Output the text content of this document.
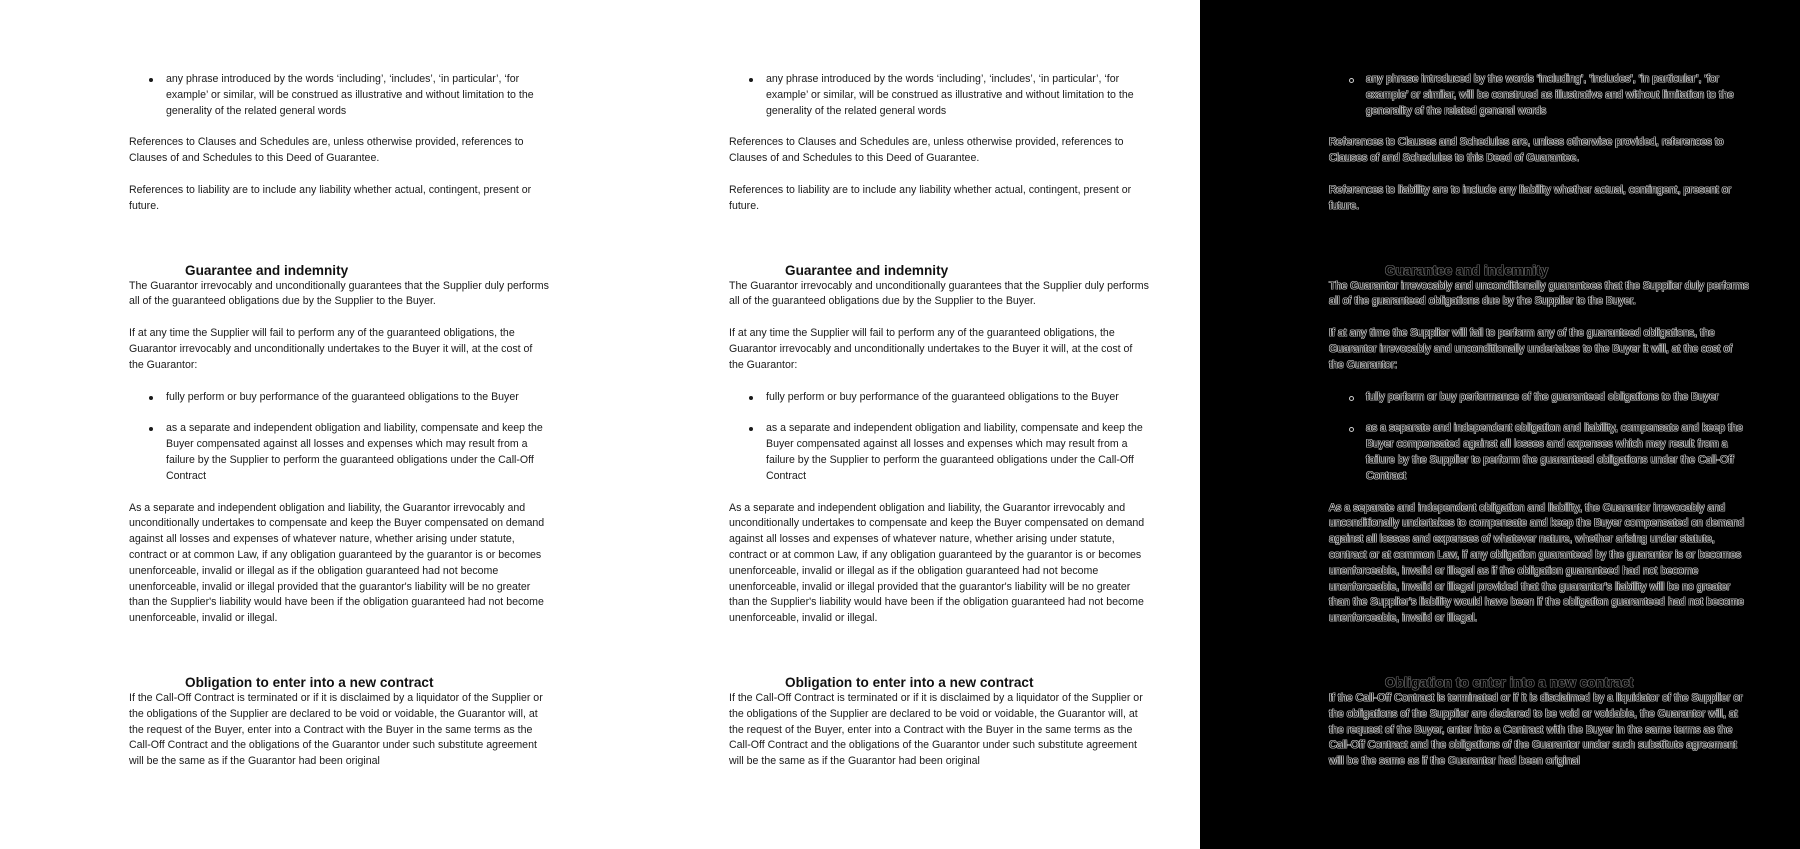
any phrase introduced by the words ‘including’, ‘includes’, ‘in particular’, ‘for example’ or similar, will be construed as illustrative and without limitation to the generality of the related general words

References to Clauses and Schedules are, unless otherwise provided, references to Clauses of and Schedules to this Deed of Guarantee.

References to liability are to include any liability whether actual, contingent, present or future.

Guarantee and indemnity

The Guarantor irrevocably and unconditionally guarantees that the Supplier duly performs all of the guaranteed obligations due by the Supplier to the Buyer.

If at any time the Supplier will fail to perform any of the guaranteed obligations, the Guarantor irrevocably and unconditionally undertakes to the Buyer it will, at the cost of the Guarantor:

fully perform or buy performance of the guaranteed obligations to the Buyer
as a separate and independent obligation and liability, compensate and keep the Buyer compensated against all losses and expenses which may result from a failure by the Supplier to perform the guaranteed obligations under the Call-Off Contract

As a separate and independent obligation and liability, the Guarantor irrevocably and unconditionally undertakes to compensate and keep the Buyer compensated on demand against all losses and expenses of whatever nature, whether arising under statute, contract or at common Law, if any obligation guaranteed by the guarantor is or becomes unenforceable, invalid or illegal as if the obligation guaranteed had not become unenforceable, invalid or illegal provided that the guarantor's liability will be no greater than the Supplier's liability would have been if the obligation guaranteed had not become unenforceable, invalid or illegal.

Obligation to enter into a new contract

If the Call-Off Contract is terminated or if it is disclaimed by a liquidator of the Supplier or the obligations of the Supplier are declared to be void or voidable, the Guarantor will, at the request of the Buyer, enter into a Contract with the Buyer in the same terms as the Call-Off Contract and the obligations of the Guarantor under such substitute agreement will be the same as if the Guarantor had been original

any phrase introduced by the words ‘including’, ‘includes’, ‘in particular’, ‘for example’ or similar, will be construed as illustrative and without limitation to the generality of the related general words

References to Clauses and Schedules are, unless otherwise provided, references to Clauses of and Schedules to this Deed of Guarantee.

References to liability are to include any liability whether actual, contingent, present or future.

Guarantee and indemnity

The Guarantor irrevocably and unconditionally guarantees that the Supplier duly performs all of the guaranteed obligations due by the Supplier to the Buyer.

If at any time the Supplier will fail to perform any of the guaranteed obligations, the Guarantor irrevocably and unconditionally undertakes to the Buyer it will, at the cost of the Guarantor:

fully perform or buy performance of the guaranteed obligations to the Buyer
as a separate and independent obligation and liability, compensate and keep the Buyer compensated against all losses and expenses which may result from a failure by the Supplier to perform the guaranteed obligations under the Call-Off Contract

As a separate and independent obligation and liability, the Guarantor irrevocably and unconditionally undertakes to compensate and keep the Buyer compensated on demand against all losses and expenses of whatever nature, whether arising under statute, contract or at common Law, if any obligation guaranteed by the guarantor is or becomes unenforceable, invalid or illegal as if the obligation guaranteed had not become unenforceable, invalid or illegal provided that the guarantor's liability will be no greater than the Supplier's liability would have been if the obligation guaranteed had not become unenforceable, invalid or illegal.

Obligation to enter into a new contract

If the Call-Off Contract is terminated or if it is disclaimed by a liquidator of the Supplier or the obligations of the Supplier are declared to be void or voidable, the Guarantor will, at the request of the Buyer, enter into a Contract with the Buyer in the same terms as the Call-Off Contract and the obligations of the Guarantor under such substitute agreement will be the same as if the Guarantor had been original

any phrase introduced by the words ‘including’, ‘includes’, ‘in particular’, ‘for example’ or similar, will be construed as illustrative and without limitation to the generality of the related general words

References to Clauses and Schedules are, unless otherwise provided, references to Clauses of and Schedules to this Deed of Guarantee.

References to liability are to include any liability whether actual, contingent, present or future.

Guarantee and indemnity

The Guarantor irrevocably and unconditionally guarantees that the Supplier duly performs all of the guaranteed obligations due by the Supplier to the Buyer.

If at any time the Supplier will fail to perform any of the guaranteed obligations, the Guarantor irrevocably and unconditionally undertakes to the Buyer it will, at the cost of the Guarantor:

fully perform or buy performance of the guaranteed obligations to the Buyer
as a separate and independent obligation and liability, compensate and keep the Buyer compensated against all losses and expenses which may result from a failure by the Supplier to perform the guaranteed obligations under the Call-Off Contract

As a separate and independent obligation and liability, the Guarantor irrevocably and unconditionally undertakes to compensate and keep the Buyer compensated on demand against all losses and expenses of whatever nature, whether arising under statute, contract or at common Law, if any obligation guaranteed by the guarantor is or becomes unenforceable, invalid or illegal as if the obligation guaranteed had not become unenforceable, invalid or illegal provided that the guarantor's liability will be no greater than the Supplier's liability would have been if the obligation guaranteed had not become unenforceable, invalid or illegal.

Obligation to enter into a new contract

If the Call-Off Contract is terminated or if it is disclaimed by a liquidator of the Supplier or the obligations of the Supplier are declared to be void or voidable, the Guarantor will, at the request of the Buyer, enter into a Contract with the Buyer in the same terms as the Call-Off Contract and the obligations of the Guarantor under such substitute agreement will be the same as if the Guarantor had been original
